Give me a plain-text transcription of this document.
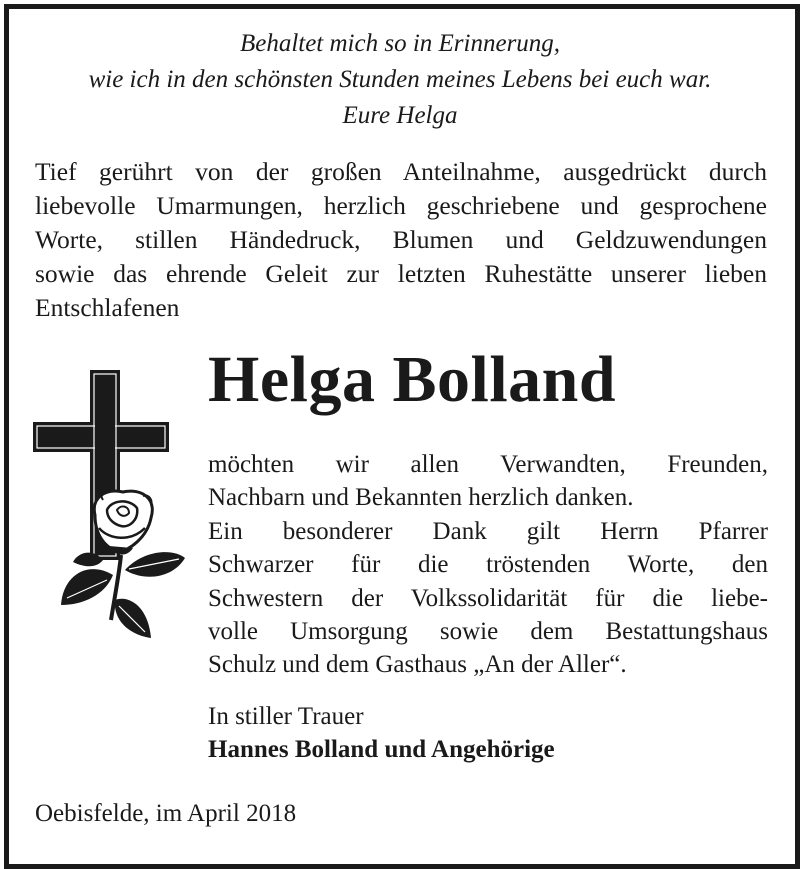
Behaltet mich so in Erinnerung,
wie ich in den schönsten Stunden meines Lebens bei euch war.
Eure Helga
Tief gerührt von der großen Anteilnahme, ausgedrückt durch
liebevolle Umarmungen, herzlich geschriebene und gesprochene
Worte, stillen Händedruck, Blumen und Geldzuwendungen
sowie das ehrende Geleit zur letzten Ruhestätte unserer lieben
Entschlafenen
Helga Bolland
möchten wir allen Verwandten, Freunden,
Nachbarn und Bekannten herzlich danken.
Ein besonderer Dank gilt Herrn Pfarrer
Schwarzer für die tröstenden Worte, den
Schwestern der Volkssolidarität für die liebe-
volle Umsorgung sowie dem Bestattungshaus
Schulz und dem Gasthaus „An der Aller“.
In stiller Trauer
Hannes Bolland und Angehörige
Oebisfelde, im April 2018
